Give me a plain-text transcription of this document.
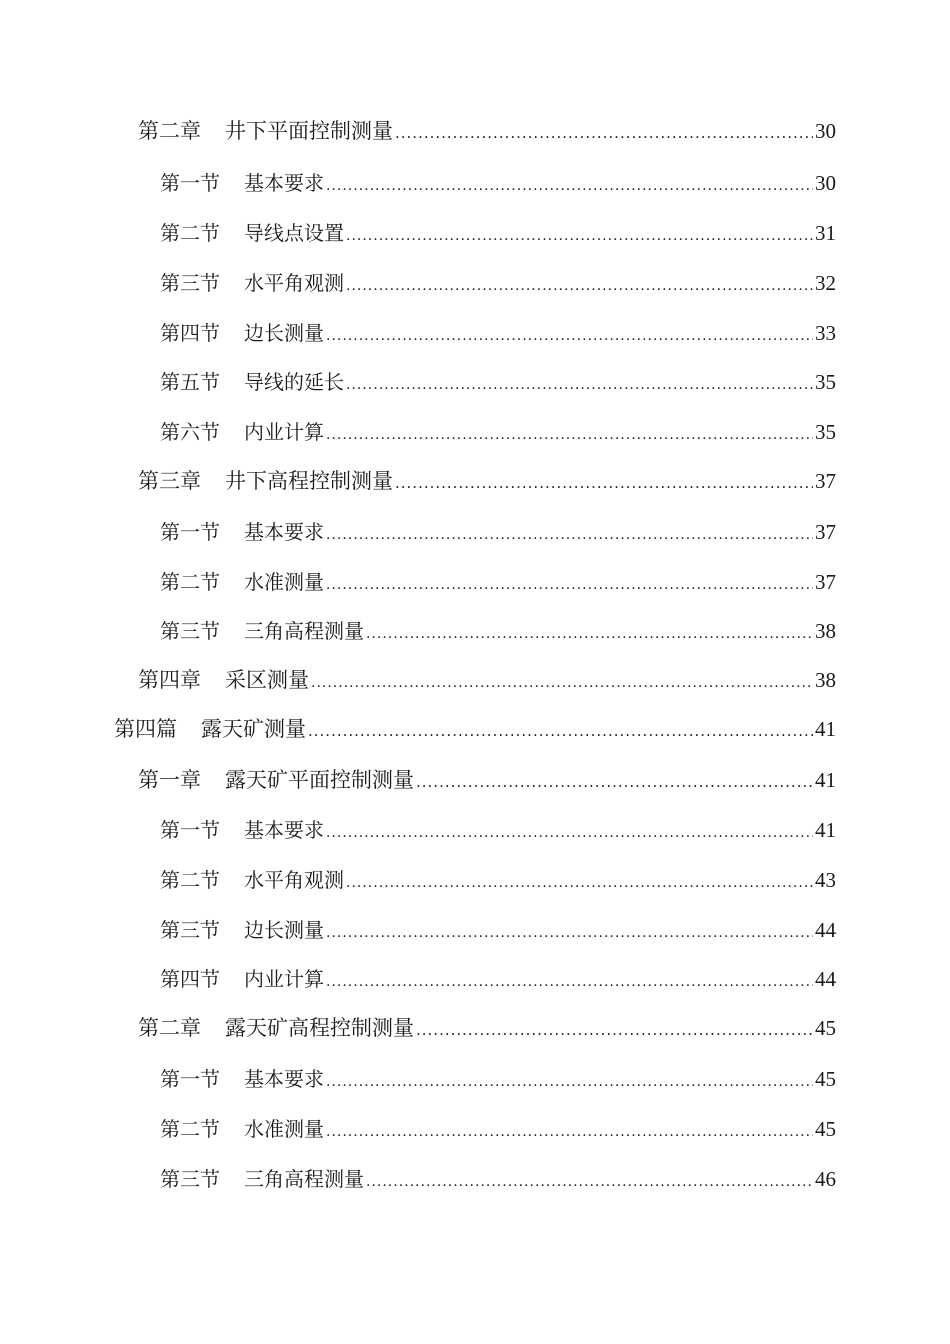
第二章 井下平面控制测量 .....	30
第一节 基本要求 .....	30
第二节 导线点设置 .....	31
第三节 水平角观测 .....	32
第四节 边长测量 .....	33
第五节 导线的延长 .....	35
第六节 内业计算 .....	35
第三章 井下高程控制测量 .....	37
第一节 基本要求 .....	37
第二节 水准测量 .....	37
第三节 三角高程测量 .....	38
第四章 采区测量 .....	38
第四篇 露天矿测量 .....	41
第一章 露天矿平面控制测量 .....	41
第一节 基本要求 .....	41
第二节 水平角观测 .....	43
第三节 边长测量 .....	44
第四节 内业计算 .....	44
第二章 露天矿高程控制测量 .....	45
第一节 基本要求 .....	45
第二节 水准测量 .....	45
第三节 三角高程测量 .....	46
